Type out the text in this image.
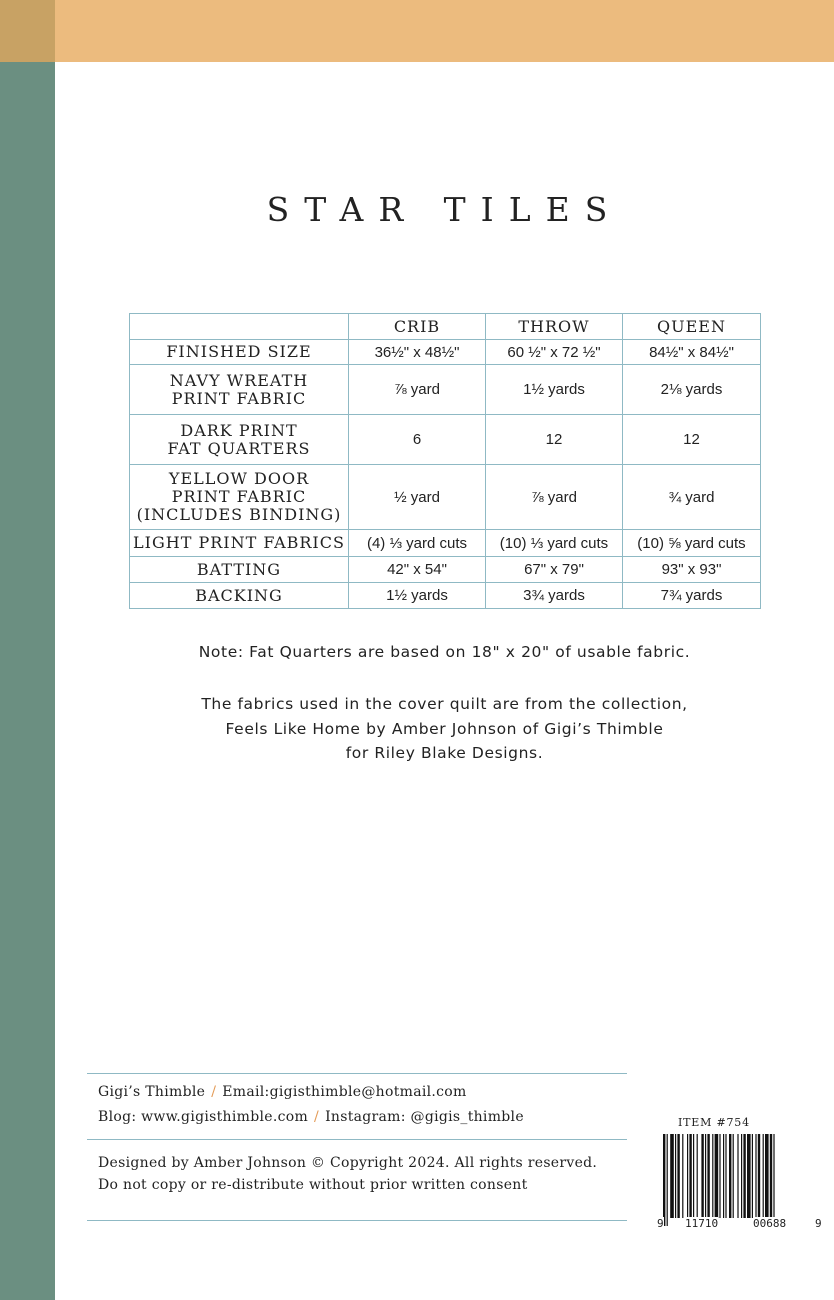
STAR TILES
	CRIB	THROW	QUEEN
FINISHED SIZE	36½" x 48½"	60 ½" x 72 ½"	84½" x 84½"
NAVY WREATH
PRINT FABRIC	⅞ yard	1½ yards	2⅛ yards
DARK PRINT
FAT QUARTERS	6	12	12
YELLOW DOOR
PRINT FABRIC
(INCLUDES BINDING)	½ yard	⅞ yard	¾ yard
LIGHT PRINT FABRICS	(4) ⅓ yard cuts	(10) ⅓ yard cuts	(10) ⅝ yard cuts
BATTING	42" x 54"	67" x 79"	93" x 93"
BACKING	1½ yards	3¾ yards	7¾ yards
Note: Fat Quarters are based on 18" x 20" of usable fabric.
The fabrics used in the cover quilt are from the collection,
Feels Like Home by Amber Johnson of Gigi’s Thimble
for Riley Blake Designs.
Gigi’s Thimble / Email:gigisthimble@hotmail.com
Blog: www.gigisthimble.com / Instagram: @gigis_thimble
Designed by Amber Johnson © Copyright 2024. All rights reserved.
Do not copy or re-distribute without prior written consent
ITEM #754
9 11710	00688	9
